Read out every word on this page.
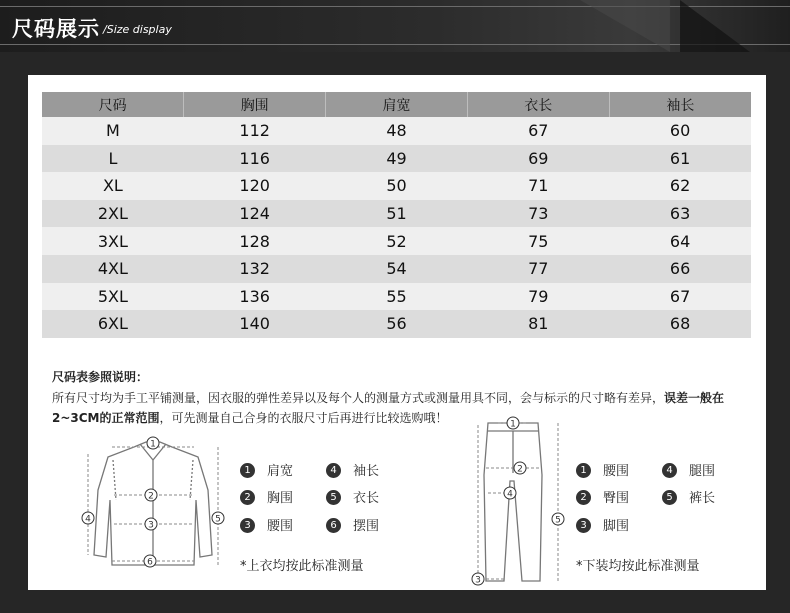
尺码展示 /Size display
尺码	胸围	肩宽	衣长	袖长
M	112	48	67	60
L	116	49	69	61
XL	120	50	71	62
2XL	124	51	73	63
3XL	128	52	75	64
4XL	132	54	77	66
5XL	136	55	79	67
6XL	140	56	81	68
尺码表参照说明：
所有尺寸均为手工平铺测量，因衣服的弹性差异以及每个人的测量方式或测量用具不同，会与标示的尺寸略有差异，误差一般在2~3CM的正常范围，可先测量自己合身的衣服尺寸后再进行比较选购哦！
1
2
3
4	5
6
1 肩宽
2 胸围
3 腰围
4 袖长
5 衣长
6 摆围
*上衣均按此标准测量
1
2
3
4
5
1 腰围
2 臀围
3 脚围
4 腿围
5 裤长
*下装均按此标准测量
